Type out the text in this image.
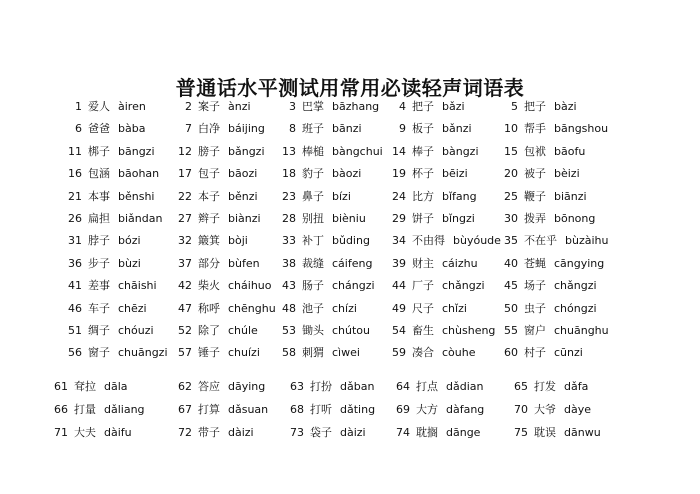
普通话水平测试用常用必读轻声词语表
1 爱人 àiren	2 案子 ànzi	3 巴掌 bāzhang	4 把子 bǎzi	5 把子 bàzi
6 爸爸 bàba	7 白净 báijing	8 班子 bānzi	9 板子 bǎnzi	10 帮手 bāngshou
11 梆子 bāngzi	12 膀子 bǎngzi	13 棒槌 bàngchui 14 棒子 bàngzi	15 包袱 bāofu
16 包涵 bāohan	17 包子 bāozi	18 豹子 bàozi	19 杯子 bēizi	20 被子 bèizi
21 本事 běnshi	22 本子 běnzi	23 鼻子 bízi	24 比方 bǐfang	25 鞭子 biānzi
26 扁担 biǎndan	27 辫子 biànzi	28 别扭 bièniu	29 饼子 bǐngzi	30 拨弄 bōnong
31 脖子 bózi	32 簸箕 bòji	33 补丁 bǔding	34 不由得 bùyóude 35 不在乎 bùzàihu
36 步子 bùzi	37 部分 bùfen	38 裁缝 cáifeng	39 财主 cáizhu	40 苍蝇 cāngying
41 差事 chāishi	42 柴火 cháihuo 43 肠子 chángzi	44 厂子 chǎngzi	45 场子 chǎngzi
46 车子 chēzi	47 称呼 chēnghu 48 池子 chízi	49 尺子 chǐzi	50 虫子 chóngzi
51 绸子 chóuzi	52 除了 chúle	53 锄头 chútou	54 畜生 chùsheng 55 窗户 chuānghu
56 窗子 chuāngzi 57 锤子 chuízi	58 刺猬 cìwei	59 凑合 còuhe	60 村子 cūnzi
61 耷拉 dāla	62 答应 dāying	63 打扮 dǎban	64 打点 dǎdian	65 打发 dǎfa
66 打量 dǎliang	67 打算 dǎsuan	68 打听 dǎting	69 大方 dàfang	70 大爷 dàye
71 大夫 dàifu	72 带子 dàizi	73 袋子 dàizi	74 耽搁 dānge	75 耽误 dānwu
